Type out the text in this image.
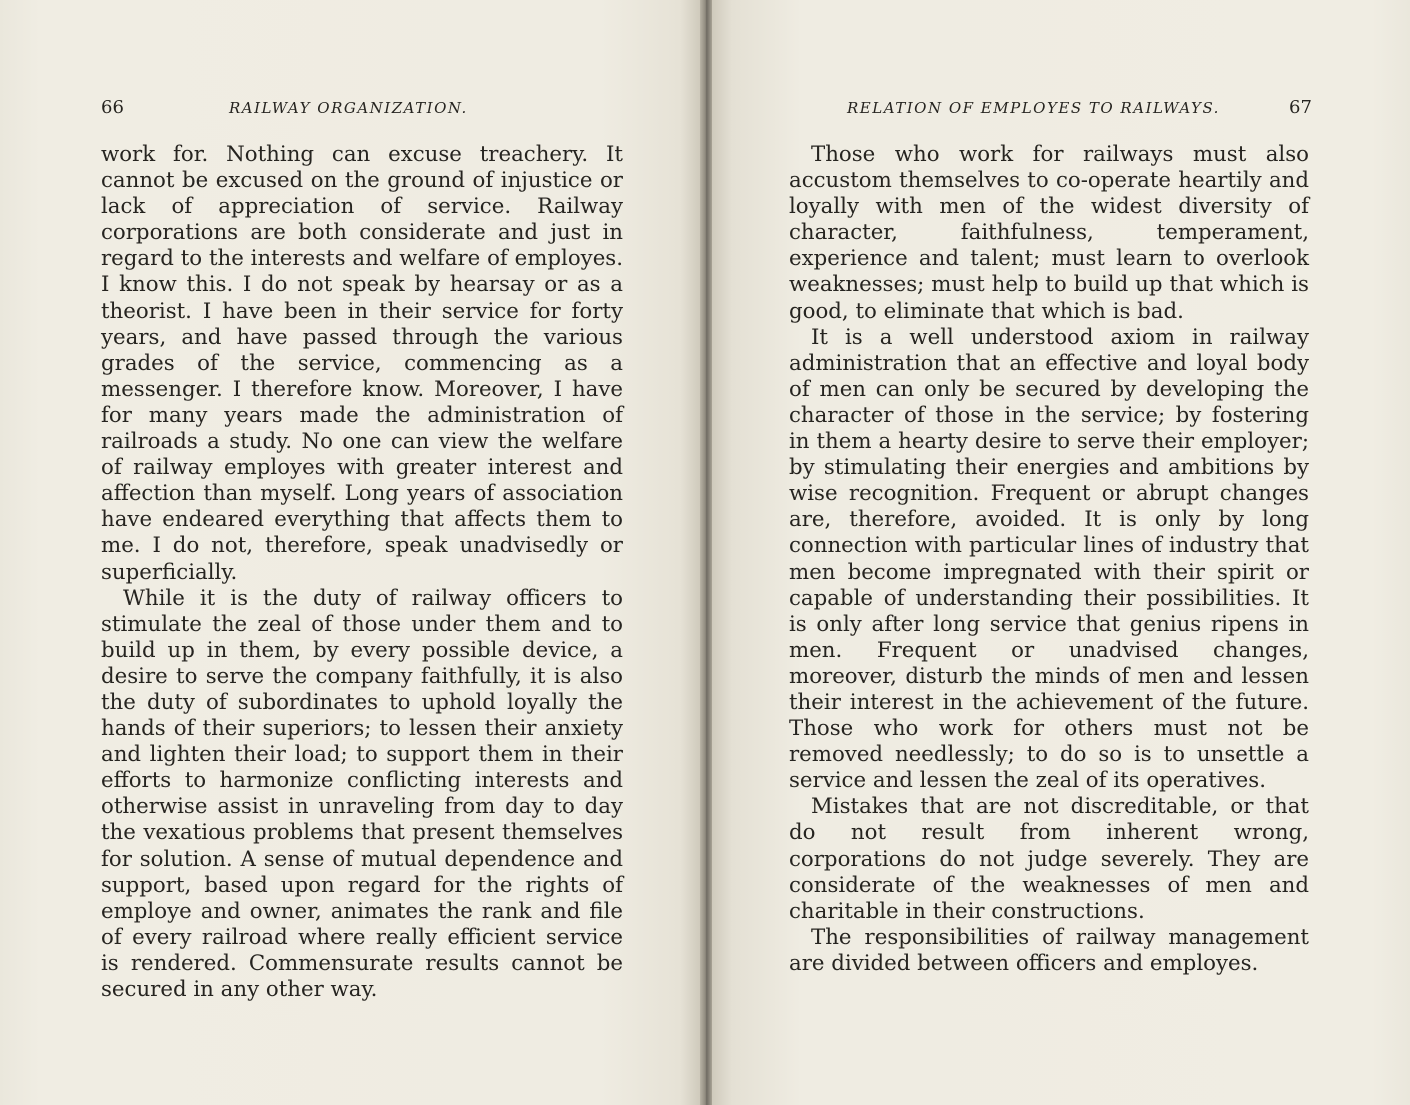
66	RAILWAY ORGANIZATION.

work for. Nothing can excuse treachery. It cannot be excused on the ground of injustice or lack of appreciation of service. Railway corporations are both considerate and just in regard to the interests and welfare of employes. I know this. I do not speak by hearsay or as a theorist. I have been in their service for forty years, and have passed through the various grades of the service, commencing as a messenger. I therefore know. Moreover, I have for many years made the administration of railroads a study. No one can view the welfare of railway employes with greater interest and affection than myself. Long years of association have endeared everything that affects them to me. I do not, therefore, speak unadvisedly or superficially.

While it is the duty of railway officers to stimulate the zeal of those under them and to build up in them, by every possible device, a desire to serve the company faithfully, it is also the duty of subordinates to uphold loyally the hands of their superiors; to lessen their anxiety and lighten their load; to support them in their efforts to harmonize conflicting interests and otherwise assist in unraveling from day to day the vexatious problems that present themselves for solution. A sense of mutual dependence and support, based upon regard for the rights of employe and owner, animates the rank and file of every railroad where really efficient service is rendered. Commensurate results cannot be secured in any other way.

RELATION OF EMPLOYES TO RAILWAYS.	67

Those who work for railways must also accustom themselves to co-operate heartily and loyally with men of the widest diversity of character, faithfulness, temperament, experience and talent; must learn to overlook weaknesses; must help to build up that which is good, to eliminate that which is bad.

It is a well understood axiom in railway administration that an effective and loyal body of men can only be secured by developing the character of those in the service; by fostering in them a hearty desire to serve their employer; by stimulating their energies and ambitions by wise recognition. Frequent or abrupt changes are, therefore, avoided. It is only by long connection with particular lines of industry that men become impregnated with their spirit or capable of understanding their possibilities. It is only after long service that genius ripens in men. Frequent or unadvised changes, moreover, disturb the minds of men and lessen their interest in the achievement of the future. Those who work for others must not be removed needlessly; to do so is to unsettle a service and lessen the zeal of its operatives.

Mistakes that are not discreditable, or that do not result from inherent wrong, corporations do not judge severely. They are considerate of the weaknesses of men and charitable in their constructions.

The responsibilities of railway management are divided between officers and employes.
